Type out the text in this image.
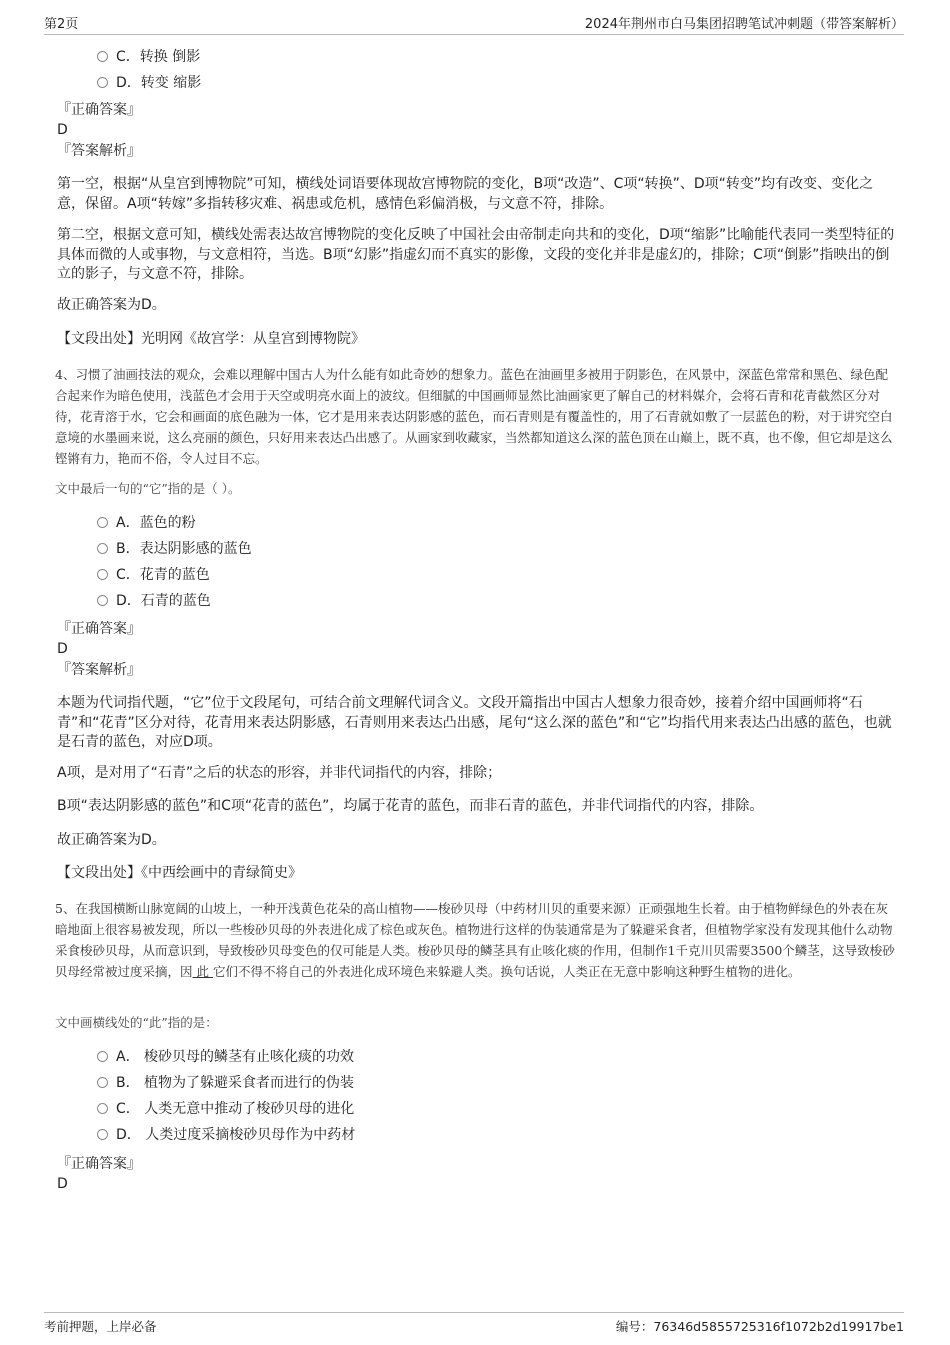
第2页	2024年荆州市白马集团招聘笔试冲刺题（带答案解析）
C．转换 倒影
D．转变 缩影
『正确答案』
D
『答案解析』
第一空，根据“从皇宫到博物院”可知，横线处词语要体现故宫博物院的变化，B项“改造”、C项“转换”、D项“转变”均有改变、变化之意，保留。A项“转嫁”多指转移灾难、祸患或危机，感情色彩偏消极，与文意不符，排除。
第二空，根据文意可知，横线处需表达故宫博物院的变化反映了中国社会由帝制走向共和的变化，D项“缩影”比喻能代表同一类型特征的具体而微的人或事物，与文意相符，当选。B项“幻影”指虚幻而不真实的影像，文段的变化并非是虚幻的，排除；C项“倒影”指映出的倒立的影子，与文意不符，排除。
故正确答案为D。
【文段出处】光明网《故宫学：从皇宫到博物院》
4、习惯了油画技法的观众，会难以理解中国古人为什么能有如此奇妙的想象力。蓝色在油画里多被用于阴影色，在风景中，深蓝色常常和黑色、绿色配合起来作为暗色使用，浅蓝色才会用于天空或明亮水面上的波纹。但细腻的中国画师显然比油画家更了解自己的材料媒介，会将石青和花青截然区分对待，花青溶于水，它会和画面的底色融为一体，它才是用来表达阴影感的蓝色，而石青则是有覆盖性的，用了石青就如敷了一层蓝色的粉，对于讲究空白意境的水墨画来说，这么亮丽的颜色，只好用来表达凸出感了。从画家到收藏家，当然都知道这么深的蓝色顶在山巅上，既不真，也不像，但它却是这么铿锵有力，艳而不俗，令人过目不忘。
文中最后一句的“它”指的是（ ）。
A．蓝色的粉
B．表达阴影感的蓝色
C．花青的蓝色
D．石青的蓝色
『正确答案』
D
『答案解析』
本题为代词指代题，“它”位于文段尾句，可结合前文理解代词含义。文段开篇指出中国古人想象力很奇妙，接着介绍中国画师将“石青”和“花青”区分对待，花青用来表达阴影感，石青则用来表达凸出感，尾句“这么深的蓝色”和“它”均指代用来表达凸出感的蓝色，也就是石青的蓝色，对应D项。
A项，是对用了“石青”之后的状态的形容，并非代词指代的内容，排除；
B项“表达阴影感的蓝色”和C项“花青的蓝色”，均属于花青的蓝色，而非石青的蓝色，并非代词指代的内容，排除。
故正确答案为D。
【文段出处】《中西绘画中的青绿简史》
5、在我国横断山脉宽阔的山坡上，一种开浅黄色花朵的高山植物——梭砂贝母（中药材川贝的重要来源）正顽强地生长着。由于植物鲜绿色的外表在灰暗地面上很容易被发现，所以一些梭砂贝母的外表进化成了棕色或灰色。植物进行这样的伪装通常是为了躲避采食者，但植物学家没有发现其他什么动物采食梭砂贝母，从而意识到，导致梭砂贝母变色的仅可能是人类。梭砂贝母的鳞茎具有止咳化痰的作用，但制作1千克川贝需要3500个鳞茎，这导致梭砂贝母经常被过度采摘，因 此 它们不得不将自己的外表进化成环境色来躲避人类。换句话说，人类正在无意中影响这种野生植物的进化。
文中画横线处的“此”指的是：
A． 梭砂贝母的鳞茎有止咳化痰的功效
B． 植物为了躲避采食者而进行的伪装
C． 人类无意中推动了梭砂贝母的进化
D． 人类过度采摘梭砂贝母作为中药材
『正确答案』
D
考前押题，上岸必备	编号：76346d5855725316f1072b2d19917be1
